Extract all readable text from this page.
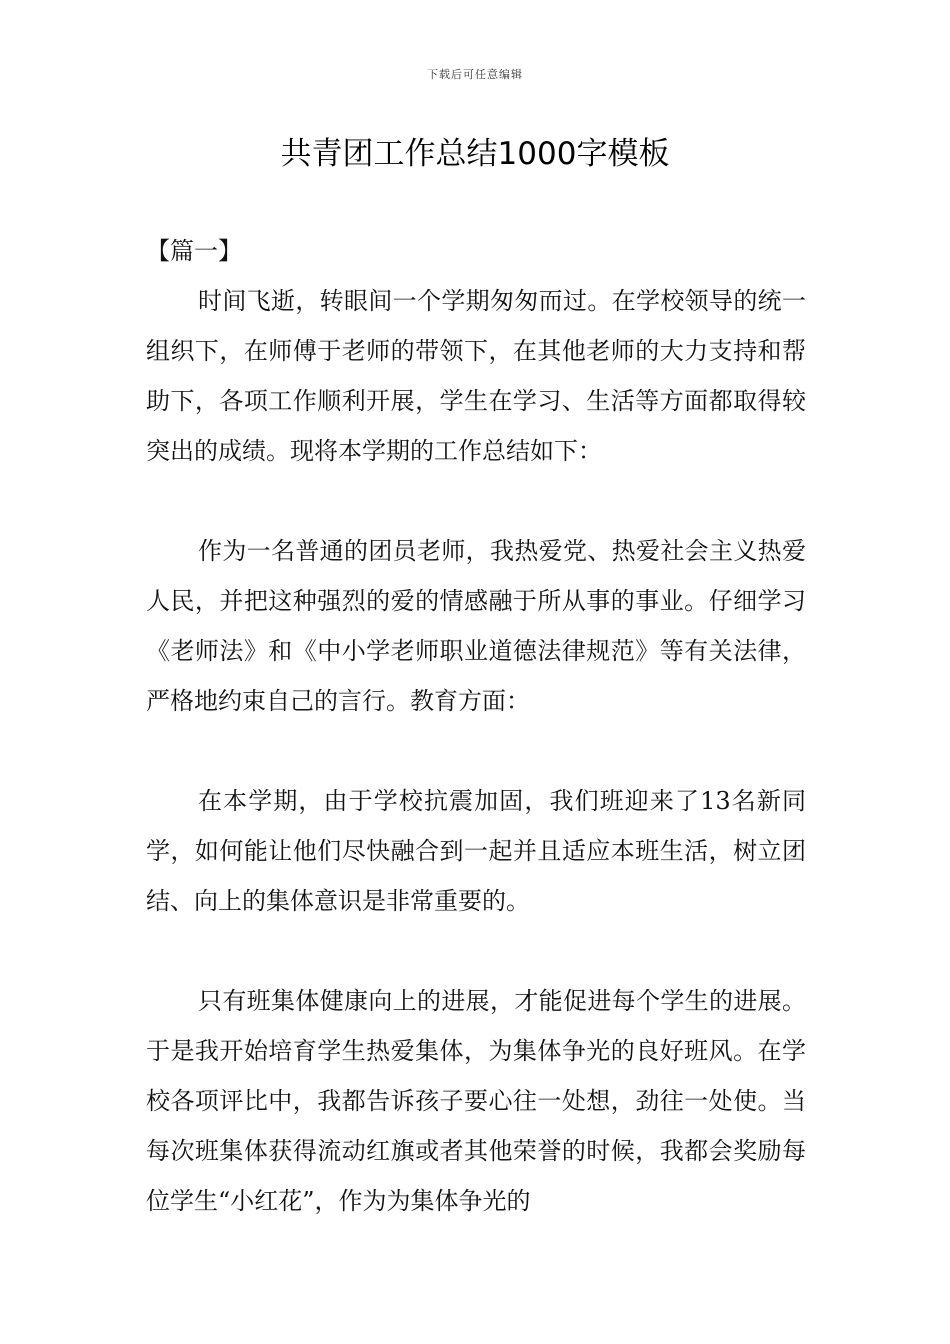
下载后可任意编辑
共青团工作总结1000字模板

【篇一】

时间飞逝，转眼间一个学期匆匆而过。在学校领导的统一组织下，在师傅于老师的带领下，在其他老师的大力支持和帮助下，各项工作顺利开展，学生在学习、生活等方面都取得较突出的成绩。现将本学期的工作总结如下：

作为一名普通的团员老师，我热爱党、热爱社会主义热爱人民，并把这种强烈的爱的情感融于所从事的事业。仔细学习《老师法》和《中小学老师职业道德法律规范》等有关法律，严格地约束自己的言行。教育方面：

在本学期，由于学校抗震加固，我们班迎来了13名新同学，如何能让他们尽快融合到一起并且适应本班生活，树立团结、向上的集体意识是非常重要的。

只有班集体健康向上的进展，才能促进每个学生的进展。于是我开始培育学生热爱集体，为集体争光的良好班风。在学校各项评比中，我都告诉孩子要心往一处想，劲往一处使。当每次班集体获得流动红旗或者其他荣誉的时候，我都会奖励每位学生“小红花”，作为为集体争光的
